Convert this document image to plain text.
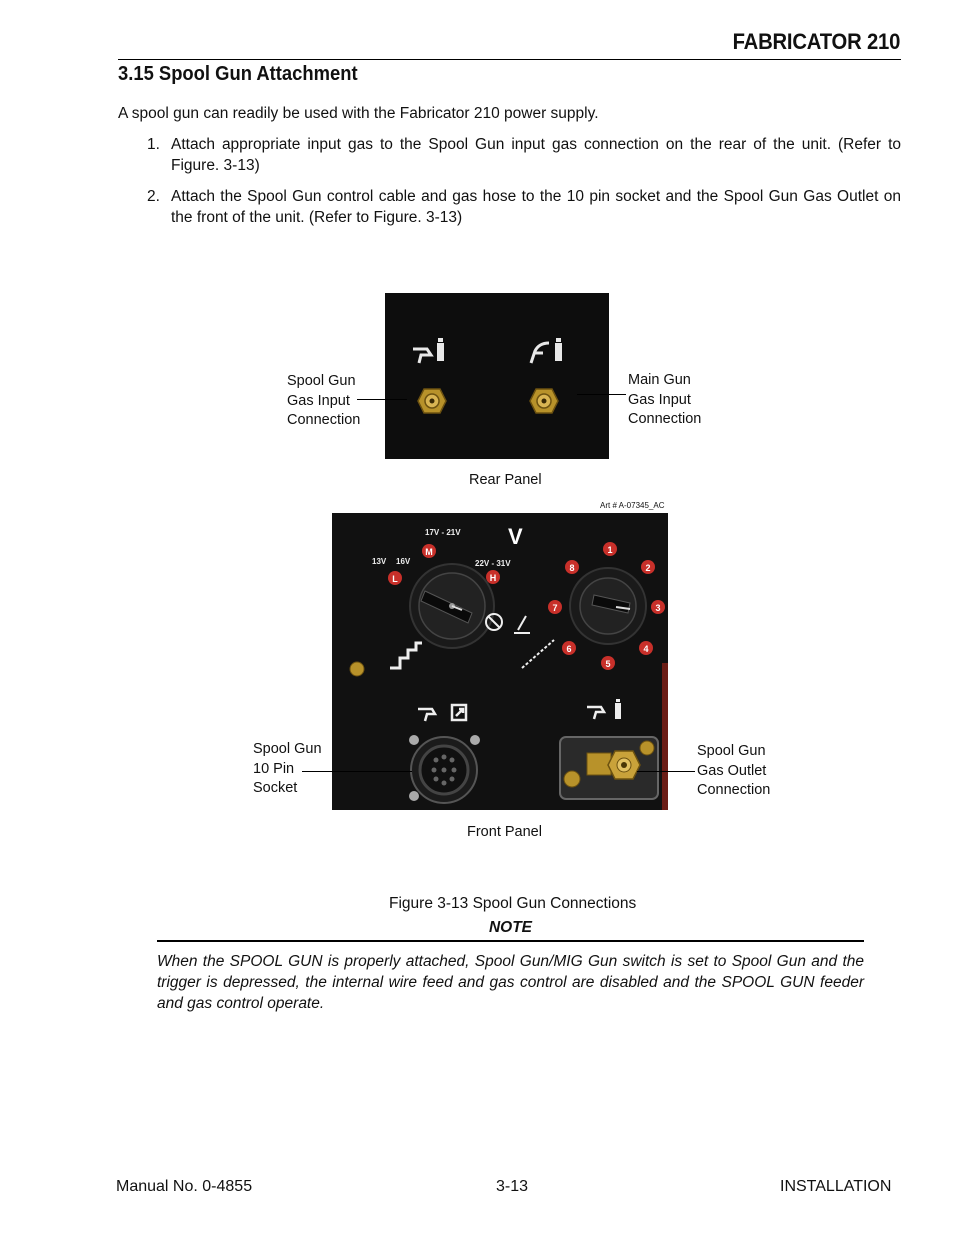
FABRICATOR 210
3.15 Spool Gun Attachment
A spool gun can readily be used with the Fabricator 210 power supply.
1. Attach appropriate input gas to the Spool Gun input gas connection on the rear of the unit. (Refer to Figure. 3-13)
2. Attach the Spool Gun control cable and gas hose to the 10 pin socket and the Spool Gun Gas Outlet on the front of the unit. (Refer to Figure. 3-13)
Spool Gun
Gas Input
Connection
Main Gun
Gas Input
Connection
Rear Panel
Art # A-07345_AC
M
L	H
17V - 21V
13V 16V	22V - 31V
V
1
2
3
4
5
6
7
8
Spool Gun
10 Pin
Socket
Spool Gun
Gas Outlet
Connection
Front Panel
Figure 3-13 Spool Gun Connections
NOTE
When the SPOOL GUN is properly attached, Spool Gun/MIG Gun switch is set to Spool Gun and the trigger is depressed, the internal wire feed and gas control are disabled and the SPOOL GUN feeder and gas control operate.
Manual No. 0-4855	3-13	INSTALLATION
